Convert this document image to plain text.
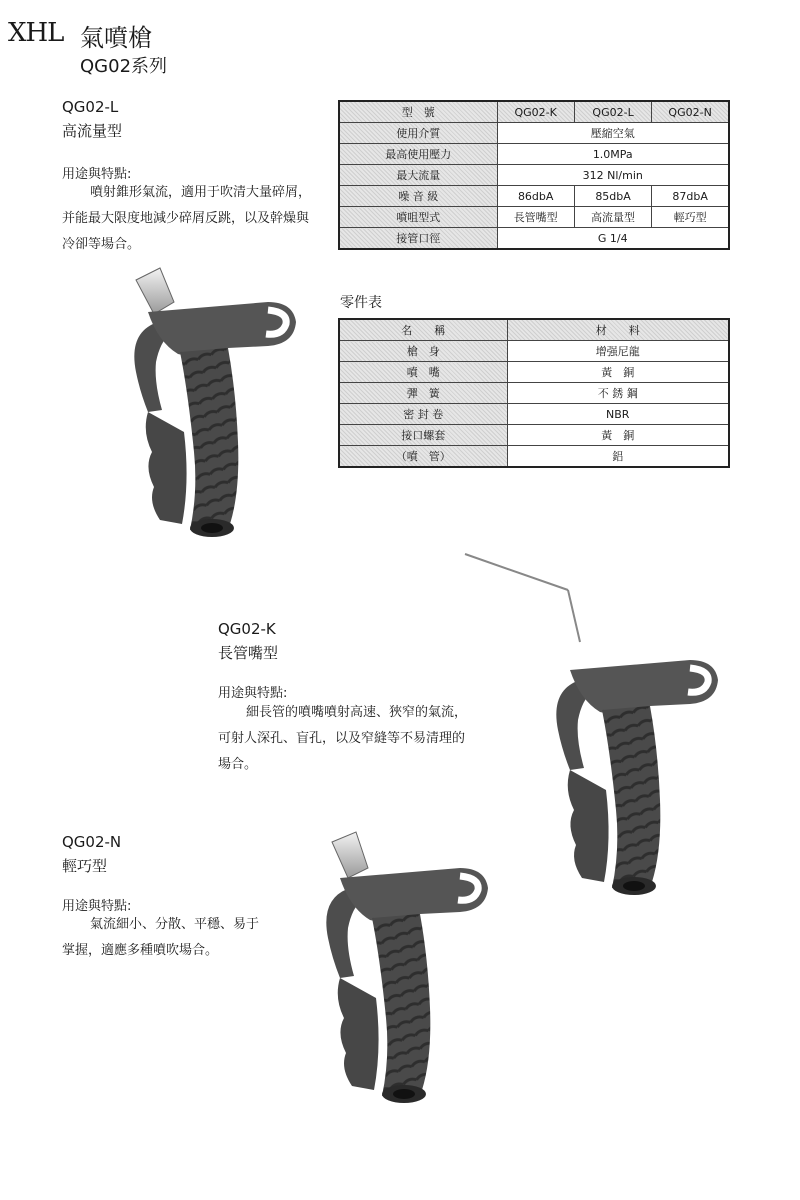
XHL 氣噴槍
QG02系列
QG02-L
高流量型
用途與特點:
噴射錐形氣流，適用于吹清大量碎屑，
并能最大限度地減少碎屑反跳，以及幹燥與
冷卻等場合。
QG02-K
長管嘴型
用途與特點:
細長管的噴嘴噴射高速、狹窄的氣流，
可射人深孔、盲孔，以及窄縫等不易清理的
場合。
QG02-N
輕巧型
用途與特點:
氣流細小、分散、平穩、易于
掌握，適應多種噴吹場合。
型　號	QG02-K	QG02-L	QG02-N
使用介質	壓縮空氣		
最高使用壓力	1.0MPa		
最大流量	312 Nl/min		
噪 音 級	86dbA	85dbA	87dbA
噴咀型式	長管嘴型	高流量型	輕巧型
接管口徑	G 1/4		
零件表
名　　稱	材　　料
槍　身	增强尼龍
噴　嘴	黃　銅
彈　簧	不 銹 鋼
密 封 卷	NBR
接口螺套	黃　銅
（噴　管）	鋁
